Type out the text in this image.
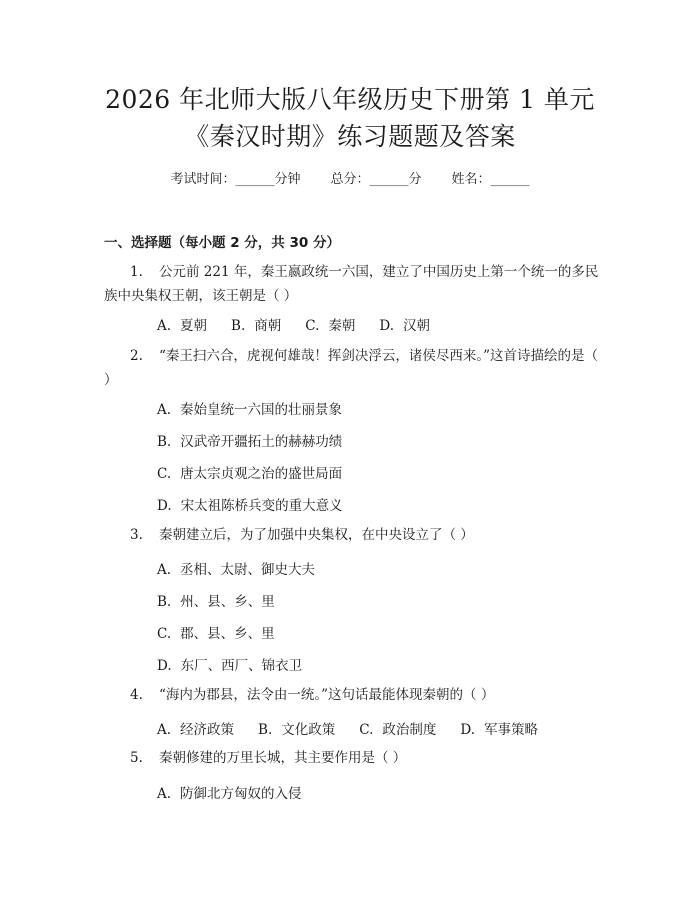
2026 年北师大版八年级历史下册第 1 单元
《秦汉时期》练习题题及答案
考试时间：______分钟 总分：______分 姓名：______
一、选择题（每小题 2 分，共 30 分）
1. 公元前 221 年，秦王嬴政统一六国，建立了中国历史上第一个统一的多民族中央集权王朝，该王朝是（ ）
A. 夏朝 B. 商朝 C. 秦朝 D. 汉朝
2. “秦王扫六合，虎视何雄哉！挥剑决浮云，诸侯尽西来。”这首诗描绘的是（ ）
A. 秦始皇统一六国的壮丽景象
B. 汉武帝开疆拓土的赫赫功绩
C. 唐太宗贞观之治的盛世局面
D. 宋太祖陈桥兵变的重大意义
3. 秦朝建立后，为了加强中央集权，在中央设立了（ ）
A. 丞相、太尉、御史大夫
B. 州、县、乡、里
C. 郡、县、乡、里
D. 东厂、西厂、锦衣卫
4. “海内为郡县，法令由一统。”这句话最能体现秦朝的（ ）
A. 经济政策 B. 文化政策 C. 政治制度 D. 军事策略
5. 秦朝修建的万里长城，其主要作用是（ ）
A. 防御北方匈奴的入侵
